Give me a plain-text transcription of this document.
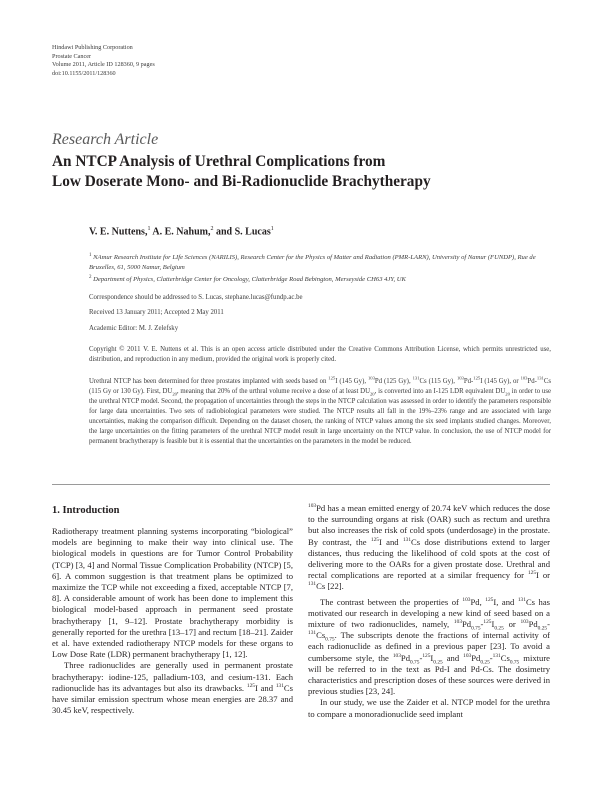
Hindawi Publishing Corporation
Prostate Cancer
Volume 2011, Article ID 128360, 9 pages
doi:10.1155/2011/128360
Research Article
An NTCP Analysis of Urethral Complications from
Low Doserate Mono- and Bi-Radionuclide Brachytherapy
V. E. Nuttens,$^1$ A. E. Nahum,$^2$ and S. Lucas$^1$
$^1$ NAmur Research Institute for LIfe Sciences (NARILIS), Research Center for the Physics of Matter and Radiation (PMR-LARN), University of Namur (FUNDP), Rue de Bruxelles, 61, 5000 Namur, Belgium
$^2$ Department of Physics, Clatterbridge Center for Oncology, Clatterbridge Road Bebington, Merseyside CH63 4JY, UK
Correspondence should be addressed to S. Lucas, stephane.lucas@fundp.ac.be
Received 13 January 2011; Accepted 2 May 2011
Academic Editor: M. J. Zelefsky
Copyright © 2011 V. E. Nuttens et al. This is an open access article distributed under the Creative Commons Attribution License, which permits unrestricted use, distribution, and reproduction in any medium, provided the original work is properly cited.
Urethral NTCP has been determined for three prostates implanted with seeds based on $^{125}$I (145 Gy), $^{103}$Pd (125 Gy), $^{131}$Cs (115 Gy), $^{103}$Pd-$^{125}$I (145 Gy), or $^{103}$Pd-$^{131}$Cs (115 Gy or 130 Gy). First, $DU_{20}$, meaning that 20% of the urthral volume receive a dose of at least $DU_{20}$, is converted into an I-125 LDR equivalent $DU_{20}$ in order to use the urethral NTCP model. Second, the propagation of uncertainties through the steps in the NTCP calculation was assessed in order to identify the parameters responsible for large data uncertainties. Two sets of radiobiological parameters were studied. The NTCP results all fall in the 19%–23% range and are associated with large uncertainties, making the comparison difficult. Depending on the dataset chosen, the ranking of NTCP values among the six seed implants studied changes. Moreover, the large uncertainties on the fitting parameters of the urethral NTCP model result in large uncertainty on the NTCP value. In conclusion, the use of NTCP model for permanent brachytherapy is feasible but it is essential that the uncertainties on the parameters in the model be reduced.
1. Introduction

Radiotherapy treatment planning systems incorporating “biological” models are beginning to make their way into clinical use. The biological models in questions are for Tumor Control Probability (TCP) [3, 4] and Normal Tissue Complication Probability (NTCP) [5, 6]. A common suggestion is that treatment plans be optimized to maximize the TCP while not exceeding a fixed, acceptable NTCP [7, 8]. A considerable amount of work has been done to implement this biological model-based approach in permanent seed prostate brachytherapy [1, 9–12]. Prostate brachytherapy morbidity is generally reported for the urethra [13–17] and rectum [18–21]. Zaider et al. have extended radiotherapy NTCP models for these organs to Low Dose Rate (LDR) permanent brachytherapy [1, 12].

Three radionuclides are generally used in permanent prostate brachytherapy: iodine-125, palladium-103, and cesium-131. Each radionuclide has its advantages but also its drawbacks. $^{125}$I and $^{131}$Cs have similar emission spectrum whose mean energies are 28.37 and 30.45 keV, respectively.

$^{103}$Pd has a mean emitted energy of 20.74 keV which reduces the dose to the surrounding organs at risk (OAR) such as rectum and urethra but also increases the risk of cold spots (underdosage) in the prostate. By contrast, the $^{125}$I and $^{131}$Cs dose distributions extend to larger distances, thus reducing the likelihood of cold spots at the cost of delivering more to the OARs for a given prostate dose. Urethral and rectal complications are reported at a similar frequency for $^{125}$I or $^{131}$Cs [22].

The contrast between the properties of $^{103}$Pd, $^{125}$I, and $^{131}$Cs has motivated our research in developing a new kind of seed based on a mixture of two radionuclides, namely, $^{103}Pd_{0.75}-^{125}I_{0.25}$ or $^{103}Pd_{0.25}-^{131}Cs_{0.75}$. The subscripts denote the fractions of internal activity of each radionuclide as defined in a previous paper [23]. To avoid a cumbersome style, the $^{103}Pd_{0.75}-^{125}I_{0.25}$ and $^{103}Pd_{0.25}-^{131}Cs_{0.75}$ mixture will be referred to in the text as Pd-I and Pd-Cs. The dosimetry characteristics and prescription doses of these sources were derived in previous studies [23, 24].

In our study, we use the Zaider et al. NTCP model for the urethra to compare a monoradionuclide seed implant
